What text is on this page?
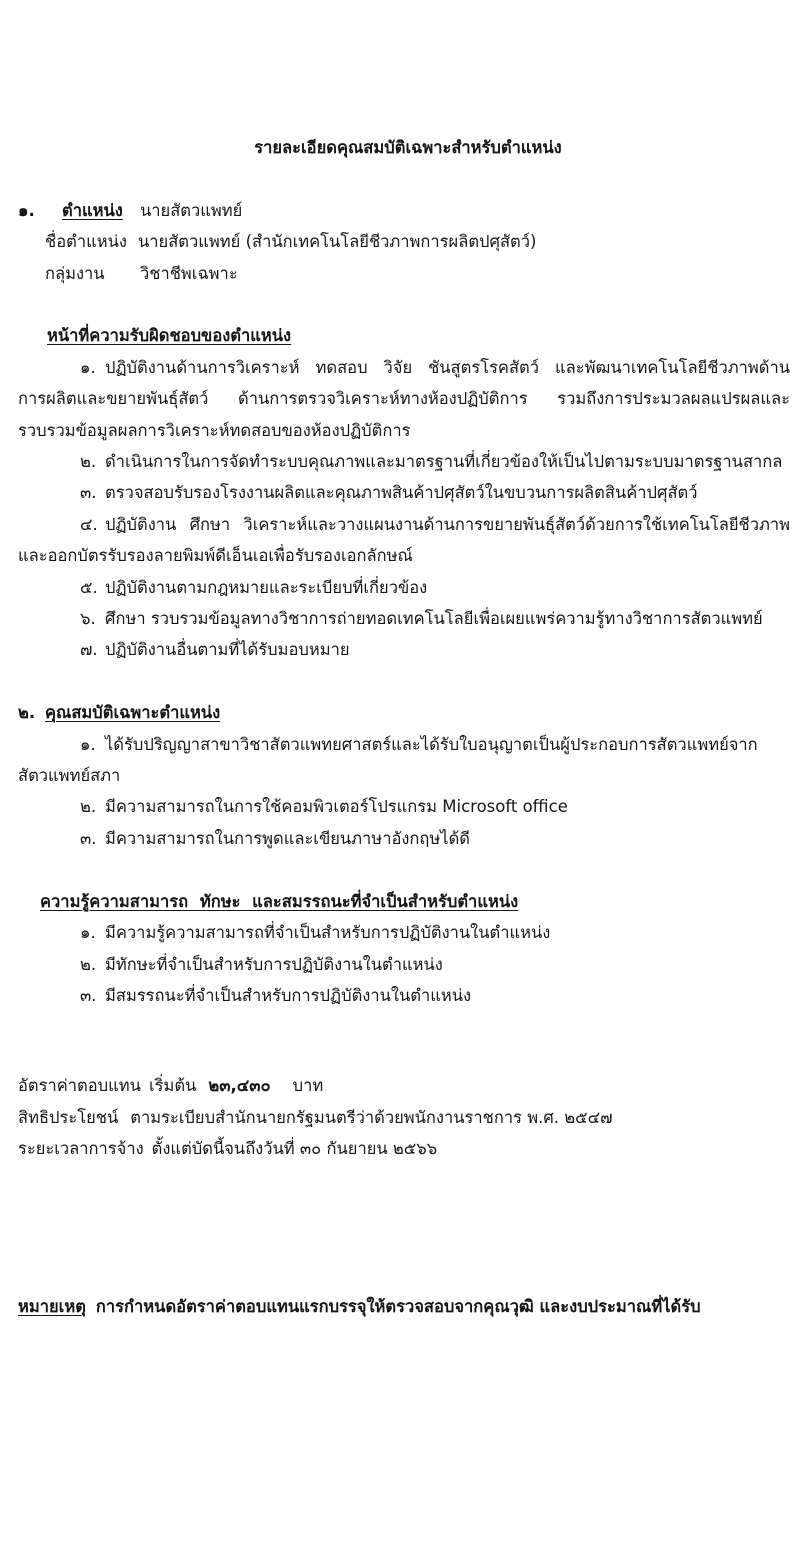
รายละเอียดคุณสมบัติเฉพาะสำหรับตำแหน่ง
๑.	ตำแหน่ง	นายสัตวแพทย์
ชื่อตำแหน่ง นายสัตวแพทย์ (สำนักเทคโนโลยีชีวภาพการผลิตปศุสัตว์)
กลุ่มงาน	วิชาชีพเฉพาะ
หน้าที่ความรับผิดชอบของตำแหน่ง
๑. ปฏิบัติงานด้านการวิเคราะห์ ทดสอบ วิจัย ชันสูตรโรคสัตว์ และพัฒนาเทคโนโลยีชีวภาพด้าน
การผลิตและขยายพันธุ์สัตว์ ด้านการตรวจวิเคราะห์ทางห้องปฏิบัติการ รวมถึงการประมวลผลแปรผลและ
รวบรวมข้อมูลผลการวิเคราะห์ทดสอบของห้องปฏิบัติการ
๒. ดำเนินการในการจัดทำระบบคุณภาพและมาตรฐานที่เกี่ยวข้องให้เป็นไปตามระบบมาตรฐานสากล
๓. ตรวจสอบรับรองโรงงานผลิตและคุณภาพสินค้าปศุสัตว์ในขบวนการผลิตสินค้าปศุสัตว์
๔. ปฏิบัติงาน ศึกษา วิเคราะห์และวางแผนงานด้านการขยายพันธุ์สัตว์ด้วยการใช้เทคโนโลยีชีวภาพ
และออกบัตรรับรองลายพิมพ์ดีเอ็นเอเพื่อรับรองเอกลักษณ์
๕. ปฏิบัติงานตามกฎหมายและระเบียบที่เกี่ยวข้อง
๖. ศึกษา รวบรวมข้อมูลทางวิชาการถ่ายทอดเทคโนโลยีเพื่อเผยแพร่ความรู้ทางวิชาการสัตวแพทย์
๗. ปฏิบัติงานอื่นตามที่ได้รับมอบหมาย
๒. คุณสมบัติเฉพาะตำแหน่ง
๑. ได้รับปริญญาสาขาวิชาสัตวแพทยศาสตร์และได้รับใบอนุญาตเป็นผู้ประกอบการสัตวแพทย์จาก
สัตวแพทย์สภา
๒. มีความสามารถในการใช้คอมพิวเตอร์โปรแกรม Microsoft office
๓. มีความสามารถในการพูดและเขียนภาษาอังกฤษได้ดี
ความรู้ความสามารถ ทักษะ และสมรรถนะที่จำเป็นสำหรับตำแหน่ง
๑. มีความรู้ความสามารถที่จำเป็นสำหรับการปฏิบัติงานในตำแหน่ง
๒. มีทักษะที่จำเป็นสำหรับการปฏิบัติงานในตำแหน่ง
๓. มีสมรรถนะที่จำเป็นสำหรับการปฏิบัติงานในตำแหน่ง
อัตราค่าตอบแทน เริ่มต้น ๒๓,๔๓๐ บาท
สิทธิประโยชน์ ตามระเบียบสำนักนายกรัฐมนตรีว่าด้วยพนักงานราชการ พ.ศ. ๒๕๔๗
ระยะเวลาการจ้าง ตั้งแต่บัดนี้จนถึงวันที่ ๓๐ กันยายน ๒๕๖๖
หมายเหตุ การกำหนดอัตราค่าตอบแทนแรกบรรจุให้ตรวจสอบจากคุณวุฒิ และงบประมาณที่ได้รับ
